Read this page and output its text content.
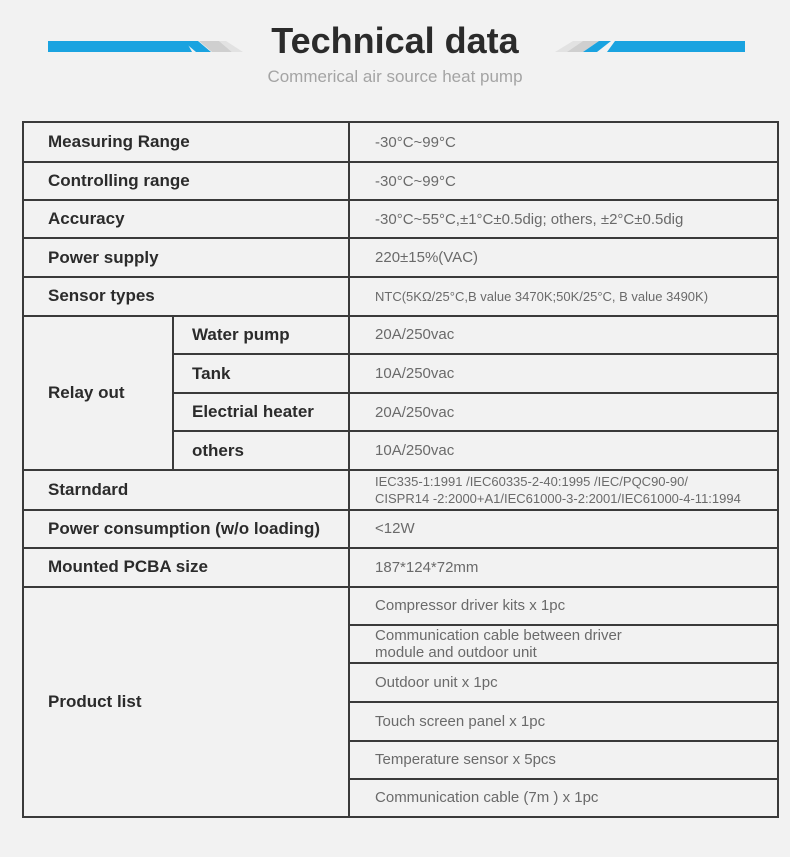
Technical data
Commerical air source heat pump
Measuring Range		-30°C~99°C
Controlling range		-30°C~99°C
Accuracy		-30°C~55°C,±1°C±0.5dig; others, ±2°C±0.5dig
Power supply		220±15%(VAC)
Sensor types		NTC(5KΩ/25°C,B value 3470K;50K/25°C, B value 3490K)
Relay out	Water pump	20A/250vac
	Tank	10A/250vac
	Electrial heater	20A/250vac
	others	10A/250vac
Starndard		IEC335-1:1991 /IEC60335-2-40:1995 /IEC/PQC90-90/
CISPR14 -2:2000+A1/IEC61000-3-2:2001/IEC61000-4-11:1994

Power consumption (w/o loading)		<12W
Mounted PCBA size		187*124*72mm
Product list		Compressor driver kits x 1pc

		Communication cable between driver
module and outdoor unit

		Outdoor unit x 1pc
		Touch screen panel x 1pc
		Temperature sensor x 5pcs
		Communication cable (7m ) x 1pc
